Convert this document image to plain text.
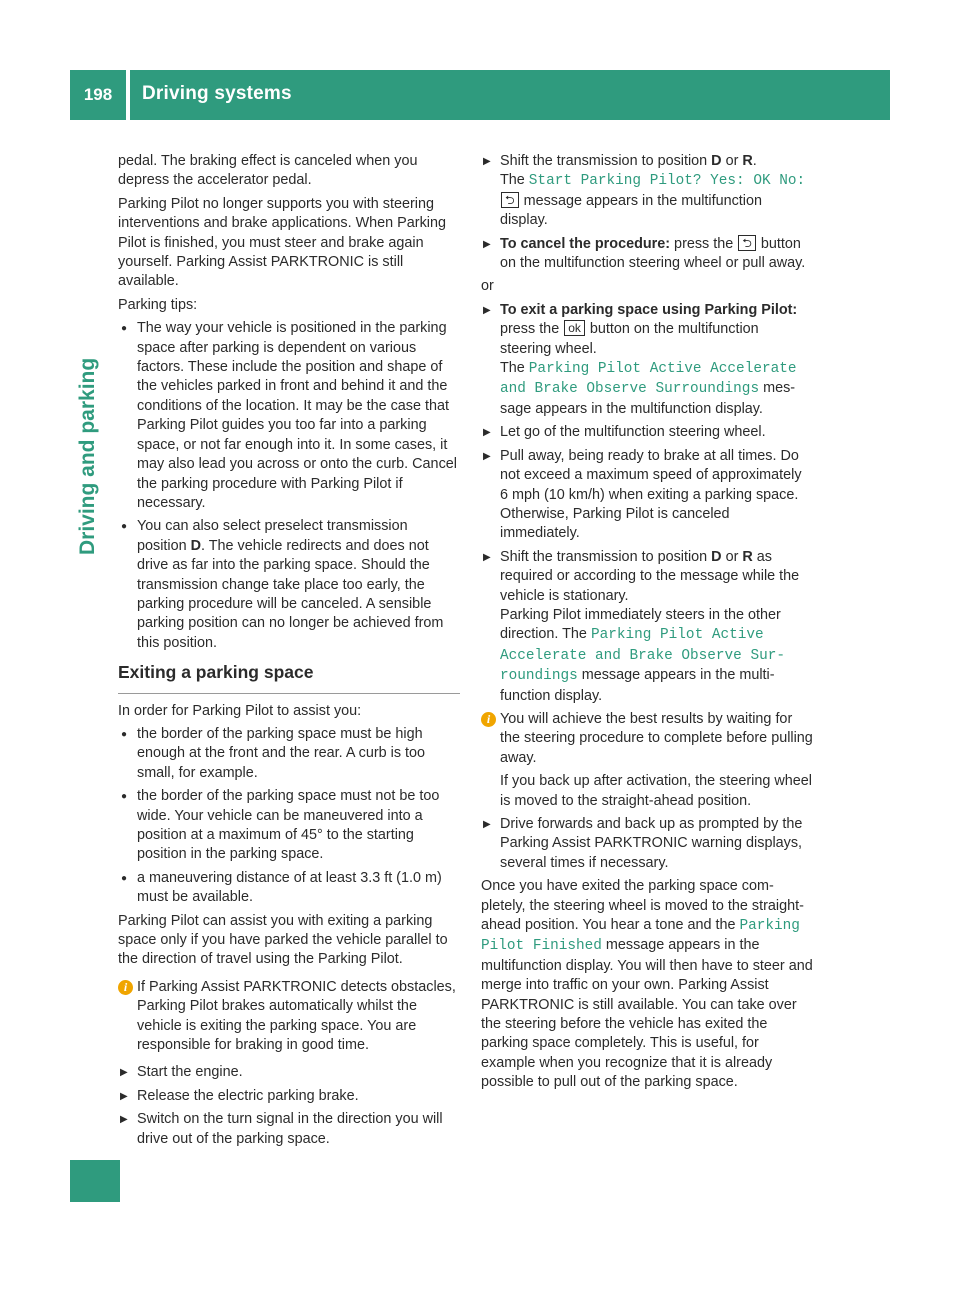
198	Driving systems
Driving and parking

pedal. The braking effect is canceled when you depress the accelerator pedal.

Parking Pilot no longer supports you with steering interventions and brake applications. When Parking Pilot is finished, you must steer and brake again yourself. Parking Assist PARKTRONIC is still available.

Parking tips:

● The way your vehicle is positioned in the parking space after parking is dependent on various factors. These include the position and shape of the vehicles parked in front and behind it and the conditions of the location. It may be the case that Parking Pilot guides you too far into a parking space, or not far enough into it. In some cases, it may also lead you across or onto the curb. Cancel the parking procedure with Parking Pilot if necessary.
● You can also select preselect transmission position D. The vehicle redirects and does not drive as far into the parking space. Should the transmission change take place too early, the parking procedure will be canceled. A sensible parking position can no longer be achieved from this position.
Exiting a parking space

In order for Parking Pilot to assist you:

● the border of the parking space must be high enough at the front and the rear. A curb is too small, for example.
● the border of the parking space must not be too wide. Your vehicle can be maneuvered into a position at a maximum of 45° to the starting position in the parking space.
● a maneuvering distance of at least 3.3 ft (1.0 m) must be available.

Parking Pilot can assist you with exiting a parking space only if you have parked the vehicle parallel to the direction of travel using the Parking Pilot.

i If Parking Assist PARKTRONIC detects obstacles, Parking Pilot brakes automatically whilst the vehicle is exiting the parking space. You are responsible for braking in good time.
▶ Start the engine.
▶ Release the electric parking brake.
▶ Switch on the turn signal in the direction you will drive out of the parking space.
▶ Shift the transmission to position D or R.
The Start Parking Pilot? Yes: OK No:
⮌ message appears in the multifunction display.
▶ To cancel the procedure: press the ⮌ button on the multifunction steering wheel or pull away.

or

▶ To exit a parking space using Parking Pilot: press the ok button on the multifunction steering wheel.
The Parking Pilot Active Accelerate and Brake Observe Surroundings message appears in the multifunction display.
▶ Let go of the multifunction steering wheel.
▶ Pull away, being ready to brake at all times. Do not exceed a maximum speed of approximately 6 mph (10 km/h) when exiting a parking space. Otherwise, Parking Pilot is canceled immediately.
▶ Shift the transmission to position D or R as required or according to the message while the vehicle is stationary.
Parking Pilot immediately steers in the other direction. The Parking Pilot Active Accelerate and Brake Observe Surroundings message appears in the multifunction display.
i You will achieve the best results by waiting for the steering procedure to complete before pulling away.

If you back up after activation, the steering wheel is moved to the straight-ahead position.

▶ Drive forwards and back up as prompted by the Parking Assist PARKTRONIC warning displays, several times if necessary.

Once you have exited the parking space completely, the steering wheel is moved to the straight-ahead position. You hear a tone and the Parking Pilot Finished message appears in the multifunction display. You will then have to steer and merge into traffic on your own. Parking Assist PARKTRONIC is still available. You can take over the steering before the vehicle has exited the parking space completely. This is useful, for example when you recognize that it is already possible to pull out of the parking space.
